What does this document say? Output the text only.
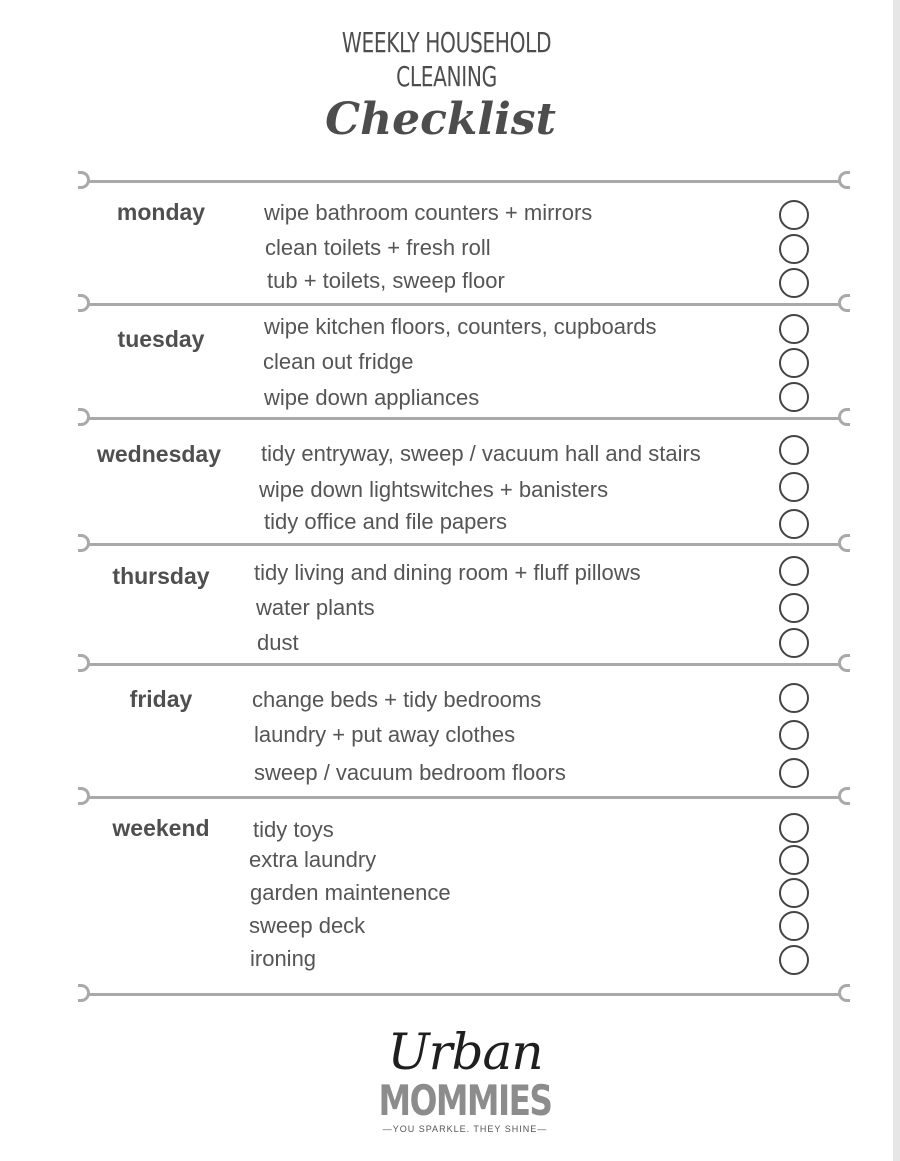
WEEKLY HOUSEHOLD
CLEANING
Checklist
monday	wipe bathroom counters + mirrors
clean toilets + fresh roll
tub + toilets, sweep floor
tuesday	wipe kitchen floors, counters, cupboards
clean out fridge
wipe down appliances
wednesday	tidy entryway, sweep / vacuum hall and stairs
wipe down lightswitches + banisters
tidy office and file papers
thursday	tidy living and dining room + fluff pillows
water plants
dust
friday	change beds + tidy bedrooms
laundry + put away clothes
sweep / vacuum bedroom floors
weekend	tidy toys
extra laundry
garden maintenence
sweep deck
ironing
Urban
MOMMIES
—YOU SPARKLE. THEY SHINE—
